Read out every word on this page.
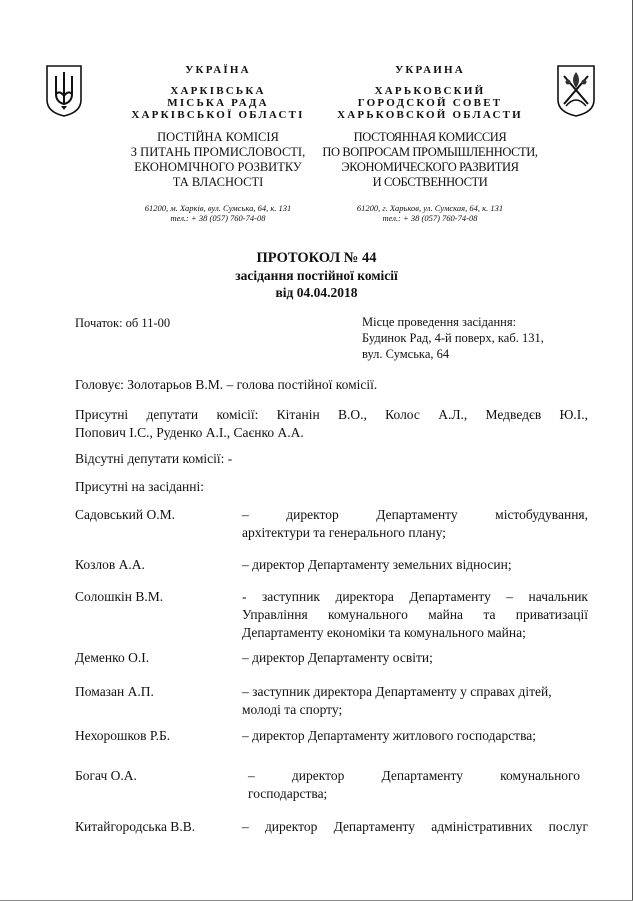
УКРАЇНА
ХАРКІВСЬКА
МІСЬКА РАДА
ХАРКІВСЬКОЇ ОБЛАСТІ
ПОСТІЙНА КОМІСІЯ
З ПИТАНЬ ПРОМИСЛОВОСТІ,
ЕКОНОМІЧНОГО РОЗВИТКУ
ТА ВЛАСНОСТІ
61200, м. Харків, вул. Сумська, 64, к. 131
тел.: + 38 (057) 760-74-08
УКРАИНА
ХАРЬКОВСКИЙ
ГОРОДСКОЙ СОВЕТ
ХАРЬКОВСКОЙ ОБЛАСТИ
ПОСТОЯННАЯ КОМИССИЯ
ПО ВОПРОСАМ ПРОМЫШЛЕННОСТИ,
ЭКОНОМИЧЕСКОГО РАЗВИТИЯ
И СОБСТВЕННОСТИ
61200, г. Харьков, ул. Сумская, 64, к. 131
тел.: + 38 (057) 760-74-08
ПРОТОКОЛ № 44
засідання постійної комісії
від 04.04.2018
Початок: об 11-00	Місце проведення засідання:
Будинок Рад, 4-й поверх, каб. 131,
вул. Сумська, 64
Головує: Золотарьов В.М. – голова постійної комісії.
Присутні депутати комісії: Кітанін В.О., Колос А.Л., Медведєв Ю.І.,
Попович І.С., Руденко А.І., Саєнко А.А.
Відсутні депутати комісії: -
Присутні на засіданні:
Садовський О.М.	– директор Департаменту містобудування,
архітектури та генерального плану;
Козлов А.А.	– директор Департаменту земельних відносин;
Солошкін В.М.	- заступник директора Департаменту – начальник
Управління комунального майна та приватизації
Департаменту економіки та комунального майна;
Деменко О.І.	– директор Департаменту освіти;
Помазан А.П.	– заступник директора Департаменту у справах дітей,
молоді та спорту;
Нехорошков Р.Б.	– директор Департаменту житлового господарства;
Богач О.А.	– директор Департаменту комунального
господарства;
Китайгородська В.В.	– директор Департаменту адміністративних послуг
